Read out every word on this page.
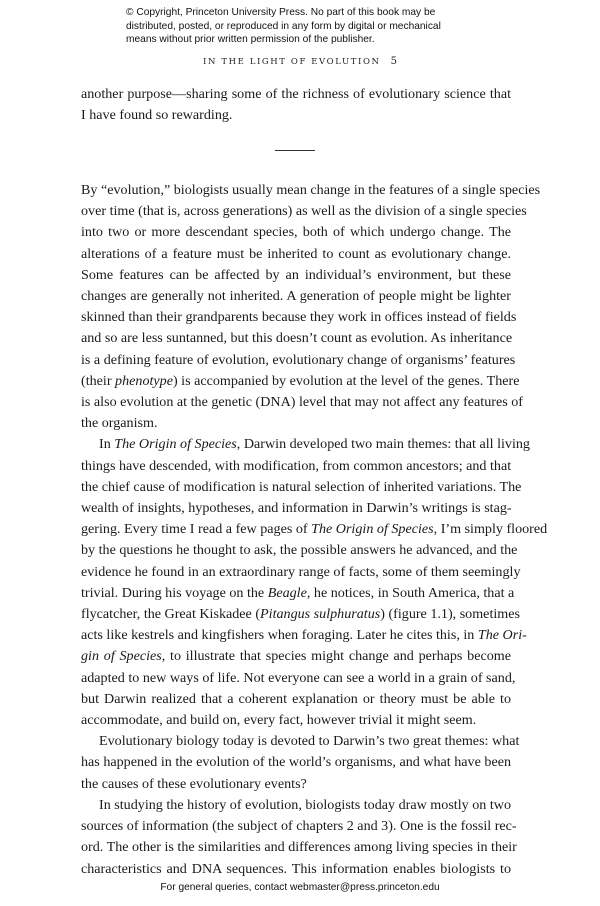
© Copyright, Princeton University Press. No part of this book may be
distributed, posted, or reproduced in any form by digital or mechanical
means without prior written permission of the publisher.
IN THE LIGHT OF EVOLUTION 5
another purpose—sharing some of the richness of evolutionary science that
I have found so rewarding.
By “evolution,” biologists usually mean change in the features of a single species
over time (that is, across generations) as well as the division of a single species
into two or more descendant species, both of which undergo change. The
alterations of a feature must be inherited to count as evolutionary change.
Some features can be affected by an individual’s environment, but these
changes are generally not inherited. A generation of people might be lighter
skinned than their grandparents because they work in offices instead of fields
and so are less suntanned, but this doesn’t count as evolution. As inheritance
is a defining feature of evolution, evolutionary change of organisms’ features
(their phenotype) is accompanied by evolution at the level of the genes. There
is also evolution at the genetic (DNA) level that may not affect any features of
the organism.
In The Origin of Species, Darwin developed two main themes: that all living
things have descended, with modification, from common ancestors; and that
the chief cause of modification is natural selection of inherited variations. The
wealth of insights, hypotheses, and information in Darwin’s writings is stag-
gering. Every time I read a few pages of The Origin of Species, I’m simply floored
by the questions he thought to ask, the possible answers he advanced, and the
evidence he found in an extraordinary range of facts, some of them seemingly
trivial. During his voyage on the Beagle, he notices, in South America, that a
flycatcher, the Great Kiskadee (Pitangus sulphuratus) (figure 1.1), sometimes
acts like kestrels and kingfishers when foraging. Later he cites this, in The Ori-
gin of Species, to illustrate that species might change and perhaps become
adapted to new ways of life. Not everyone can see a world in a grain of sand,
but Darwin realized that a coherent explanation or theory must be able to
accommodate, and build on, every fact, however trivial it might seem.
Evolutionary biology today is devoted to Darwin’s two great themes: what
has happened in the evolution of the world’s organisms, and what have been
the causes of these evolutionary events?
In studying the history of evolution, biologists today draw mostly on two
sources of information (the subject of chapters 2 and 3). One is the fossil rec-
ord. The other is the similarities and differences among living species in their
characteristics and DNA sequences. This information enables biologists to
For general queries, contact webmaster@press.princeton.edu
